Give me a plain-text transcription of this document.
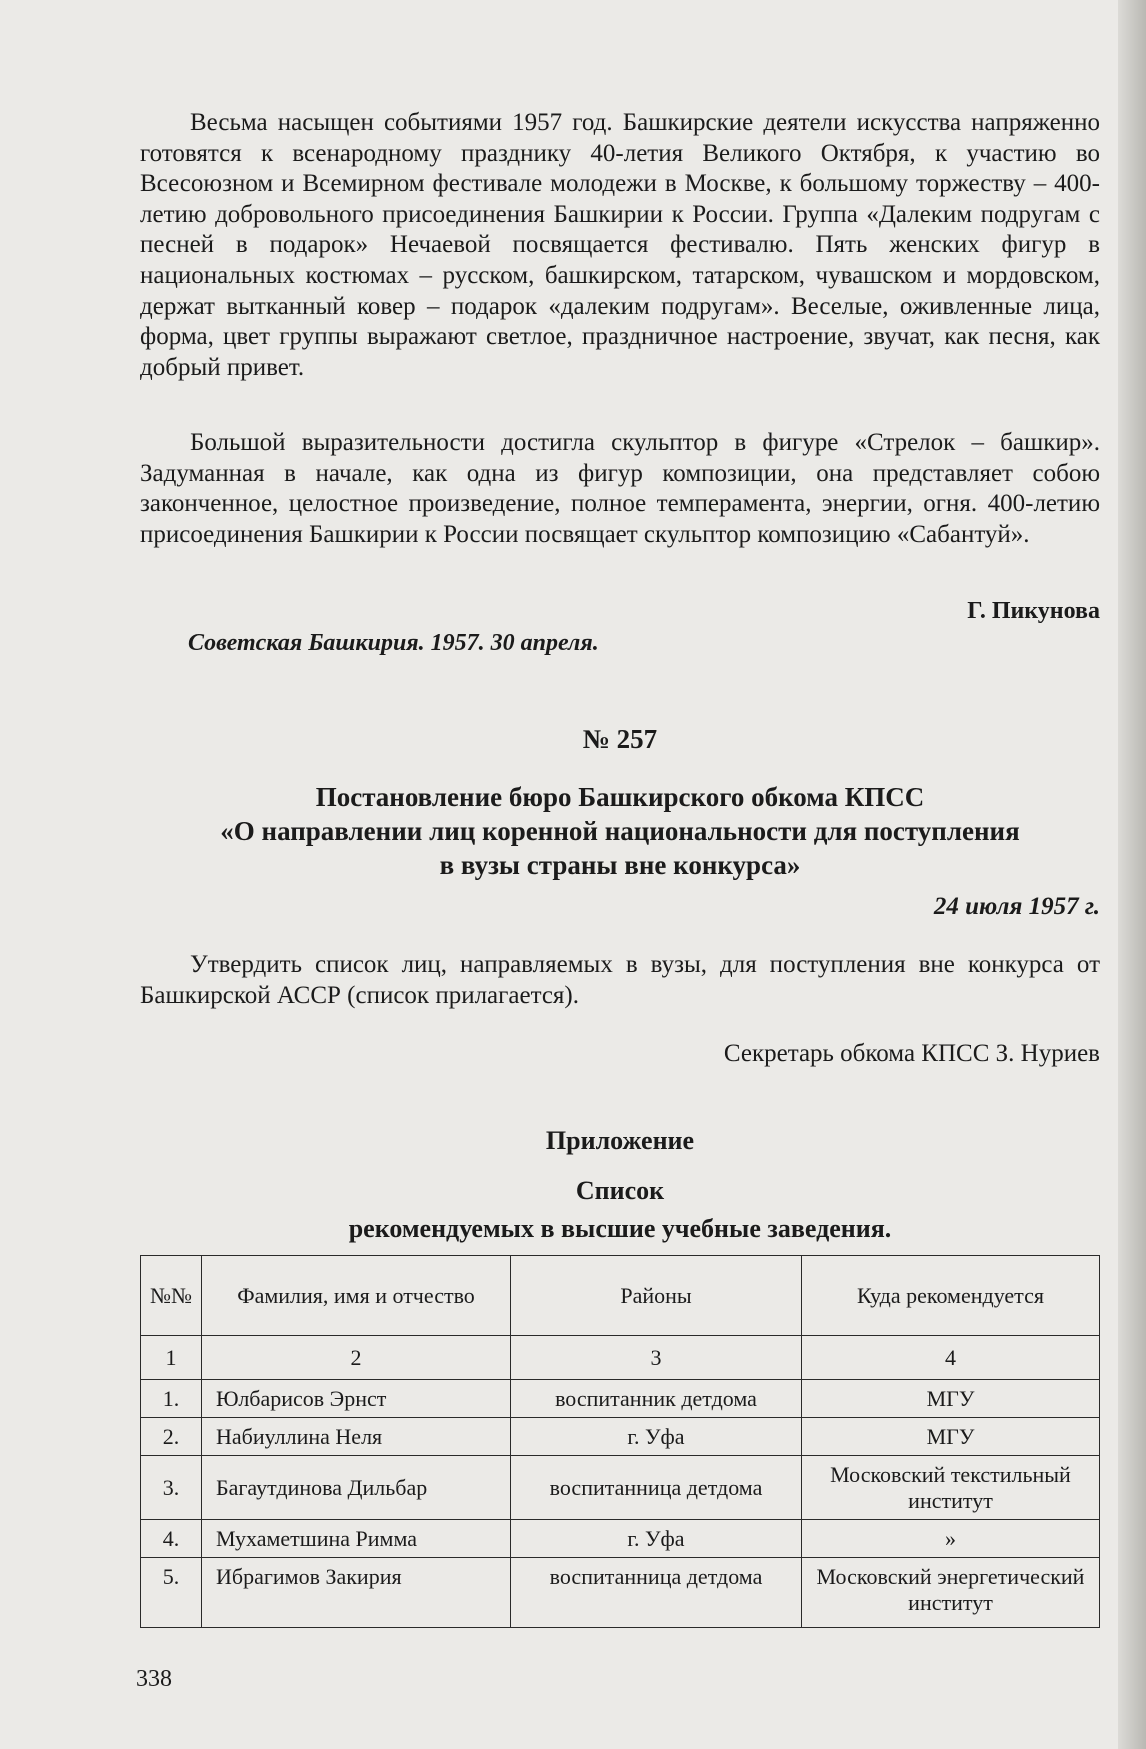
Весьма насыщен событиями 1957 год. Башкирские деятели искусства напряженно готовятся к всенародному празднику 40-летия Великого Октября, к участию во Всесоюзном и Всемирном фестивале молодежи в Москве, к большому торжеству – 400-летию добровольного присоединения Башкирии к России. Группа «Далеким подругам с песней в подарок» Нечаевой посвящается фестивалю. Пять женских фигур в национальных костюмах – русском, башкирском, татарском, чувашском и мордовском, держат вытканный ковер – подарок «далеким подругам». Веселые, оживленные лица, форма, цвет группы выражают светлое, праздничное настроение, звучат, как песня, как добрый привет.

Большой выразительности достигла скульптор в фигуре «Стрелок – башкир». Задуманная в начале, как одна из фигур композиции, она представляет собою законченное, целостное произведение, полное темперамента, энергии, огня. 400-летию присоединения Башкирии к России посвящает скульптор композицию «Сабантуй».

Г. Пикунова
Советская Башкирия. 1957. 30 апреля.
№ 257
Постановление бюро Башкирского обкома КПСС
«О направлении лиц коренной национальности для поступления
в вузы страны вне конкурса»
24 июля 1957 г.

Утвердить список лиц, направляемых в вузы, для поступления вне конкурса от Башкирской АССР (список прилагается).

Секретарь обкома КПСС З. Нуриев
Приложение
Список
рекомендуемых в высшие учебные заведения.
№№	Фамилия, имя и отчество	Районы	Куда рекомендуется
1	2	3	4
1.	Юлбарисов Эрнст	воспитанник детдома	МГУ
2.	Набиуллина Неля	г. Уфа	МГУ
3.	Багаутдинова Дильбар	воспитанница детдома	Московский текстильный институт
4.	Мухаметшина Римма	г. Уфа	»
5.	Ибрагимов Закирия	воспитанница детдома	Московский энергетический институт
338
